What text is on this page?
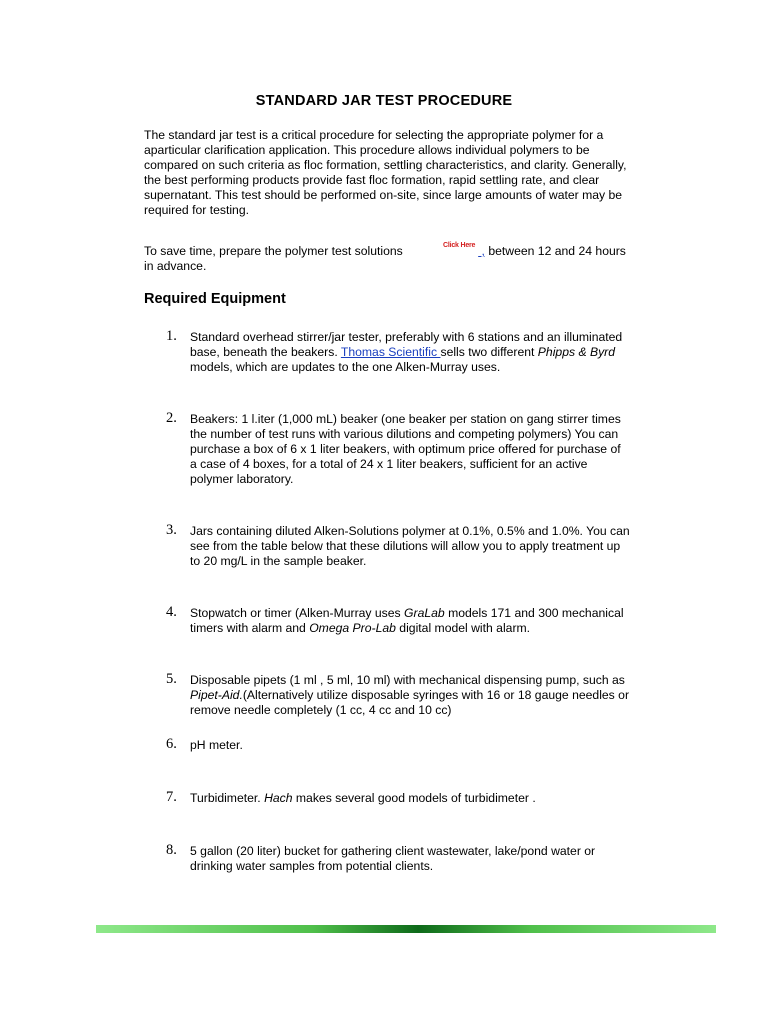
STANDARD JAR TEST PROCEDURE
The standard jar test is a critical procedure for selecting the appropriate polymer for a aparticular clarification application. This procedure allows individual polymers to be compared on such criteria as floc formation, settling characteristics, and clarity. Generally, the best performing products provide fast floc formation, rapid settling rate, and clear supernatant. This test should be performed on-site, since large amounts of water may be required for testing.
To save time, prepare the polymer test solutions	, between 12 and 24 hours in advance.
Click Here
Required Equipment
1. Standard overhead stirrer/jar tester, preferably with 6 stations and an illuminated base, beneath the beakers. Thomas Scientific sells two different Phipps & Byrd models, which are updates to the one Alken-Murray uses.
2. Beakers: 1 l.iter (1,000 mL) beaker (one beaker per station on gang stirrer times the number of test runs with various dilutions and competing polymers) You can purchase a box of 6 x 1 liter beakers, with optimum price offered for purchase of a case of 4 boxes, for a total of 24 x 1 liter beakers, sufficient for an active polymer laboratory.
3. Jars containing diluted Alken-Solutions polymer at 0.1%, 0.5% and 1.0%. You can see from the table below that these dilutions will allow you to apply treatment up to 20 mg/L in the sample beaker.
4. Stopwatch or timer (Alken-Murray uses GraLab models 171 and 300 mechanical timers with alarm and Omega Pro-Lab digital model with alarm.
5. Disposable pipets (1 ml , 5 ml, 10 ml) with mechanical dispensing pump, such as Pipet-Aid.(Alternatively utilize disposable syringes with 16 or 18 gauge needles or remove needle completely (1 cc, 4 cc and 10 cc)
6. pH meter.
7. Turbidimeter. Hach makes several good models of turbidimeter .
8. 5 gallon (20 liter) bucket for gathering client wastewater, lake/pond water or drinking water samples from potential clients.
